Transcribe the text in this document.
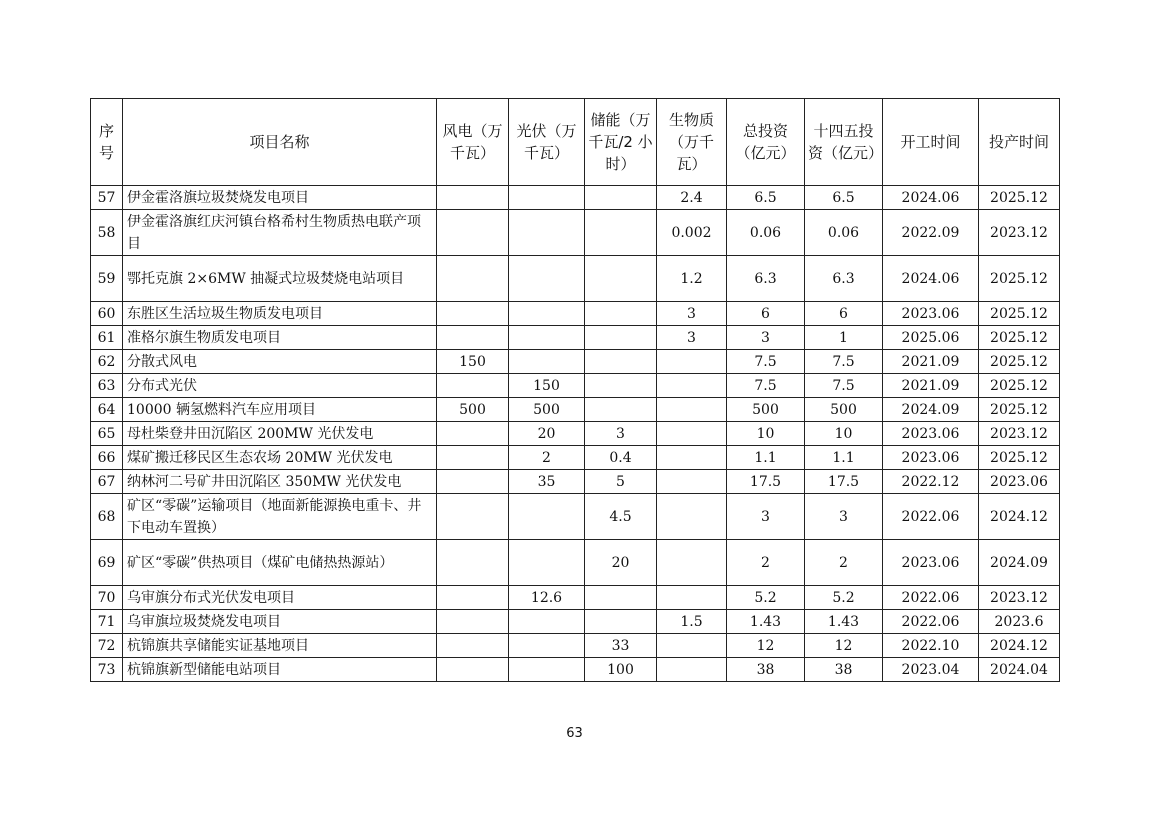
序号	项目名称	风电（万千瓦）	光伏（万千瓦）	储能（万千瓦/2 小时）	生物质（万千瓦）	总投资（亿元）	十四五投资（亿元）	开工时间	投产时间
57	伊金霍洛旗垃圾焚烧发电项目				2.4	6.5	6.5	2024.06	2025.12
58	伊金霍洛旗红庆河镇台格希村生物质热电联产项目				0.002	0.06	0.06	2022.09	2023.12
59	鄂托克旗 2×6MW 抽凝式垃圾焚烧电站项目				1.2	6.3	6.3	2024.06	2025.12
60	东胜区生活垃圾生物质发电项目				3	6	6	2023.06	2025.12
61	准格尔旗生物质发电项目				3	3	1	2025.06	2025.12
62	分散式风电	150				7.5	7.5	2021.09	2025.12
63	分布式光伏		150			7.5	7.5	2021.09	2025.12
64	10000 辆氢燃料汽车应用项目	500	500			500	500	2024.09	2025.12
65	母杜柴登井田沉陷区 200MW 光伏发电		20	3		10	10	2023.06	2023.12
66	煤矿搬迁移民区生态农场 20MW 光伏发电		2	0.4		1.1	1.1	2023.06	2025.12
67	纳林河二号矿井田沉陷区 350MW 光伏发电		35	5		17.5	17.5	2022.12	2023.06
68	矿区“零碳”运输项目（地面新能源换电重卡、井下电动车置换）			4.5		3	3	2022.06	2024.12
69	矿区“零碳”供热项目（煤矿电储热热源站）			20		2	2	2023.06	2024.09
70	乌审旗分布式光伏发电项目		12.6			5.2	5.2	2022.06	2023.12
71	乌审旗垃圾焚烧发电项目				1.5	1.43	1.43	2022.06	2023.6
72	杭锦旗共享储能实证基地项目			33		12	12	2022.10	2024.12
73	杭锦旗新型储能电站项目			100		38	38	2023.04	2024.04
63
